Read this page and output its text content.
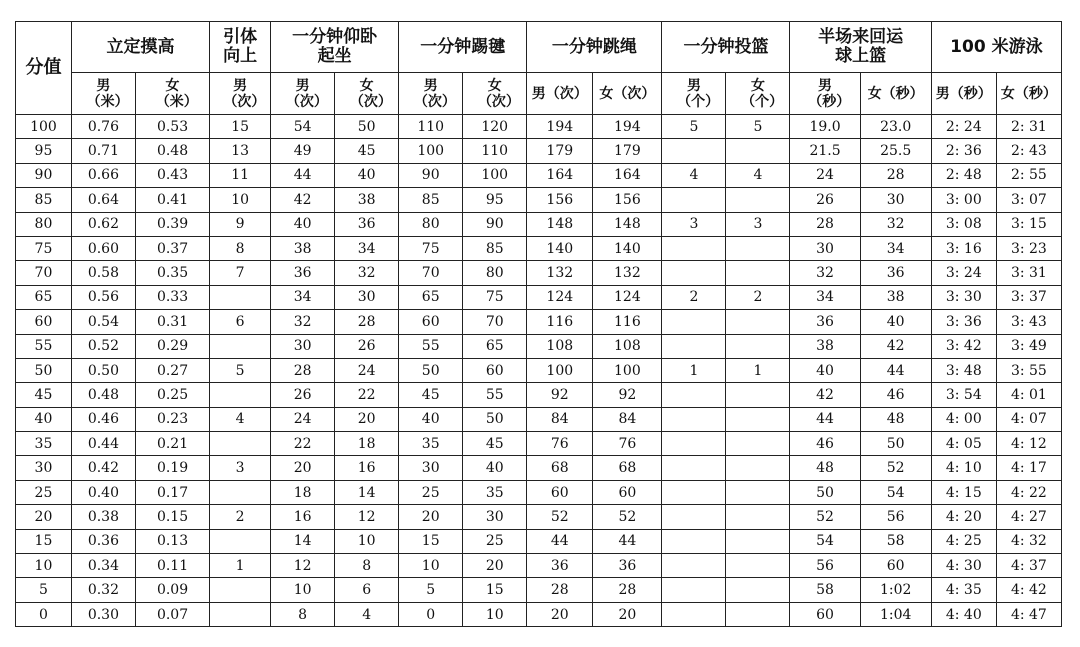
分值	立定摸高		引体向上	一分钟仰卧起坐		一分钟踢毽		一分钟跳绳		一分钟投篮		半场来回运球上篮		100 米游泳	

	男（米）	女（米）	男（次）	男（次）	女（次）	男（次）	女（次）	男（次）	女（次）	男（个）	女（个）	男（秒）	女（秒）	男（秒）	女（秒）

100	0.76	0.53	15	54	50	110	120	194	194	5	5	19.0	23.0	2: 24	2: 31
95	0.71	0.48	13	49	45	100	110	179	179			21.5	25.5	2: 36	2: 43
90	0.66	0.43	11	44	40	90	100	164	164	4	4	24	28	2: 48	2: 55
85	0.64	0.41	10	42	38	85	95	156	156			26	30	3: 00	3: 07
80	0.62	0.39	9	40	36	80	90	148	148	3	3	28	32	3: 08	3: 15
75	0.60	0.37	8	38	34	75	85	140	140			30	34	3: 16	3: 23
70	0.58	0.35	7	36	32	70	80	132	132			32	36	3: 24	3: 31
65	0.56	0.33		34	30	65	75	124	124	2	2	34	38	3: 30	3: 37
60	0.54	0.31	6	32	28	60	70	116	116			36	40	3: 36	3: 43
55	0.52	0.29		30	26	55	65	108	108			38	42	3: 42	3: 49
50	0.50	0.27	5	28	24	50	60	100	100	1	1	40	44	3: 48	3: 55
45	0.48	0.25		26	22	45	55	92	92			42	46	3: 54	4: 01
40	0.46	0.23	4	24	20	40	50	84	84			44	48	4: 00	4: 07
35	0.44	0.21		22	18	35	45	76	76			46	50	4: 05	4: 12
30	0.42	0.19	3	20	16	30	40	68	68			48	52	4: 10	4: 17
25	0.40	0.17		18	14	25	35	60	60			50	54	4: 15	4: 22
20	0.38	0.15	2	16	12	20	30	52	52			52	56	4: 20	4: 27
15	0.36	0.13		14	10	15	25	44	44			54	58	4: 25	4: 32
10	0.34	0.11	1	12	8	10	20	36	36			56	60	4: 30	4: 37
5	0.32	0.09		10	6	5	15	28	28			58	1:02	4: 35	4: 42
0	0.30	0.07		8	4	0	10	20	20			60	1:04	4: 40	4: 47
